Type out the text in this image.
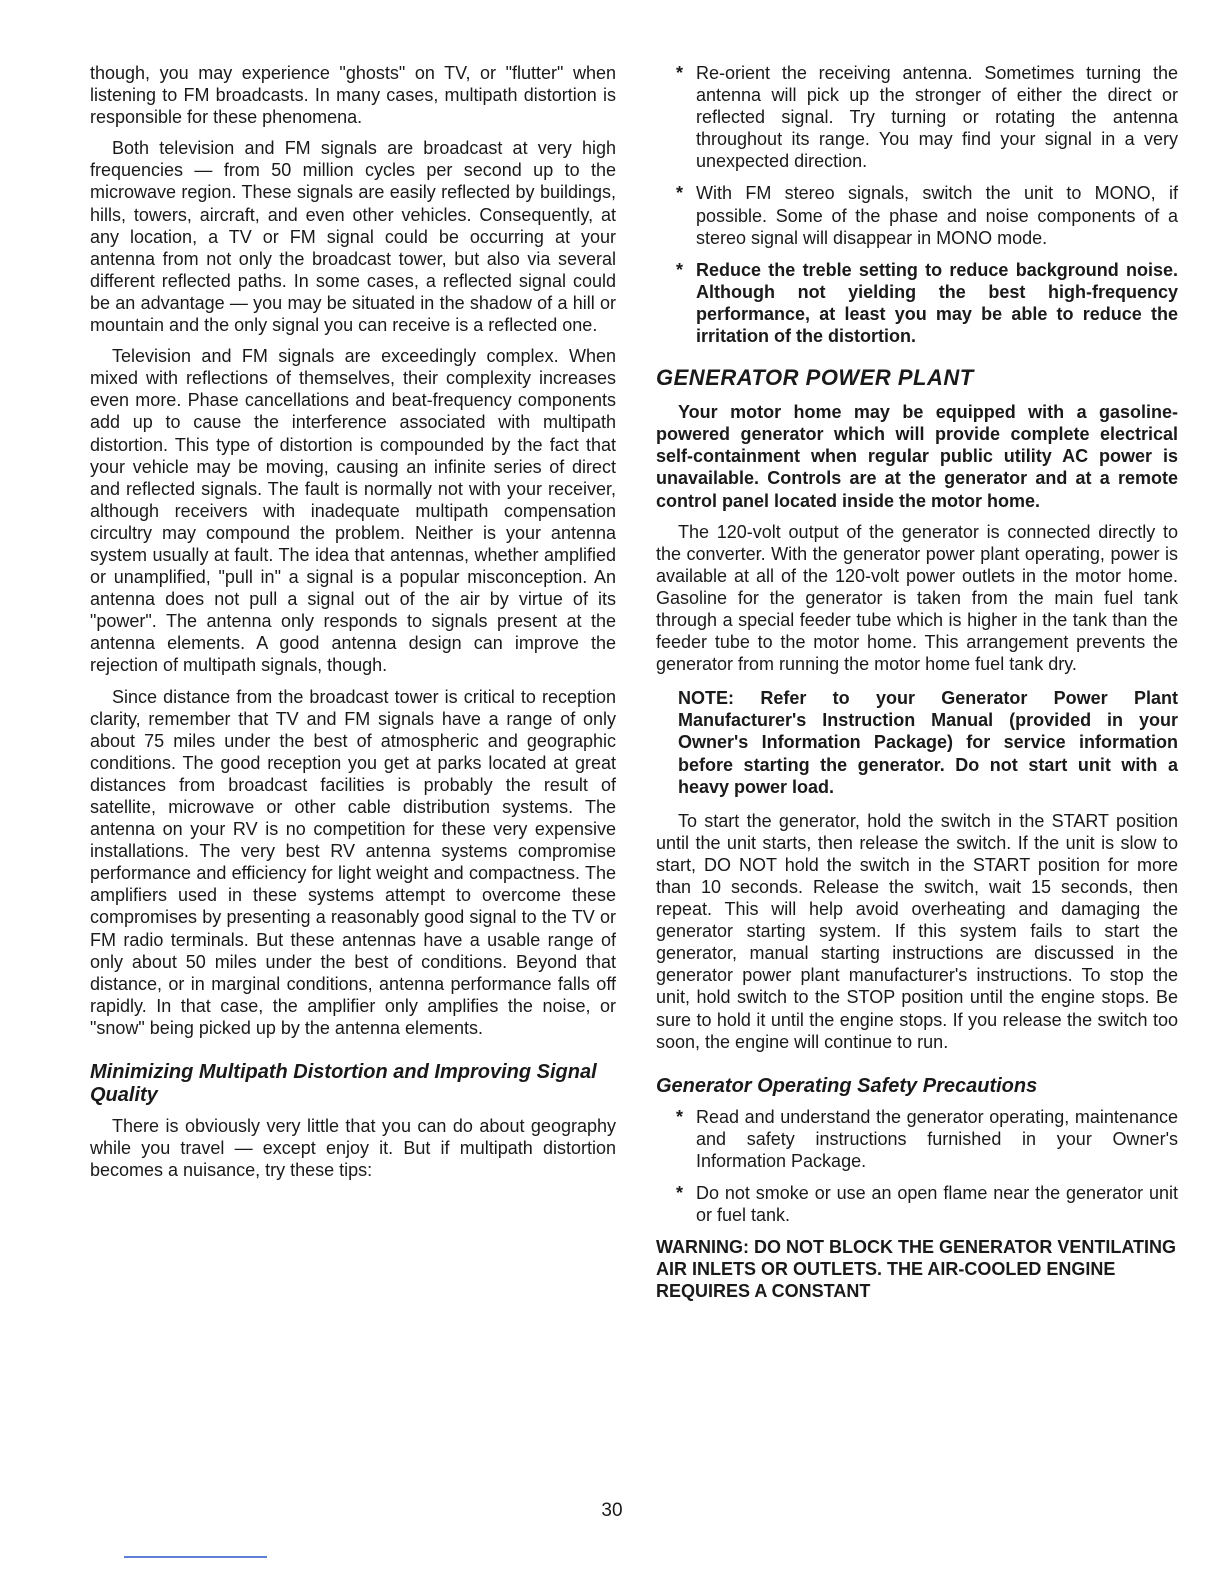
though, you may experience "ghosts" on TV, or "flutter" when listening to FM broadcasts. In many cases, multipath distortion is responsible for these phenomena.

Both television and FM signals are broadcast at very high frequencies — from 50 million cycles per second up to the microwave region. These signals are easily reflected by buildings, hills, towers, aircraft, and even other vehicles. Consequently, at any location, a TV or FM signal could be occurring at your antenna from not only the broadcast tower, but also via several different reflected paths. In some cases, a reflected signal could be an advantage — you may be situated in the shadow of a hill or mountain and the only signal you can receive is a reflected one.

Television and FM signals are exceedingly complex. When mixed with reflections of themselves, their complexity increases even more. Phase cancellations and beat-frequency components add up to cause the interference associated with multipath distortion. This type of distortion is compounded by the fact that your vehicle may be moving, causing an infinite series of direct and reflected signals. The fault is normally not with your receiver, although receivers with inadequate multipath compensation circultry may compound the problem. Neither is your antenna system usually at fault. The idea that antennas, whether amplified or unamplified, "pull in" a signal is a popular misconception. An antenna does not pull a signal out of the air by virtue of its "power". The antenna only responds to signals present at the antenna elements. A good antenna design can improve the rejection of multipath signals, though.

Since distance from the broadcast tower is critical to reception clarity, remember that TV and FM signals have a range of only about 75 miles under the best of atmospheric and geographic conditions. The good reception you get at parks located at great distances from broadcast facilities is probably the result of satellite, microwave or other cable distribution systems. The antenna on your RV is no competition for these very expensive installations. The very best RV antenna systems compromise performance and efficiency for light weight and compactness. The amplifiers used in these systems attempt to overcome these compromises by presenting a reasonably good signal to the TV or FM radio terminals. But these antennas have a usable range of only about 50 miles under the best of conditions. Beyond that distance, or in marginal conditions, antenna performance falls off rapidly. In that case, the amplifier only amplifies the noise, or "snow" being picked up by the antenna elements.

Minimizing Multipath Distortion and Improving Signal Quality

There is obviously very little that you can do about geography while you travel — except enjoy it. But if multipath distortion becomes a nuisance, try these tips:

* Re-orient the receiving antenna. Sometimes turning the antenna will pick up the stronger of either the direct or reflected signal. Try turning or rotating the antenna throughout its range. You may find your signal in a very unexpected direction.
* With FM stereo signals, switch the unit to MONO, if possible. Some of the phase and noise components of a stereo signal will disappear in MONO mode.
* Reduce the treble setting to reduce background noise. Although not yielding the best high-frequency performance, at least you may be able to reduce the irritation of the distortion.
GENERATOR POWER PLANT

Your motor home may be equipped with a gasoline-powered generator which will provide complete electrical self-containment when regular public utility AC power is unavailable. Controls are at the generator and at a remote control panel located inside the motor home.

The 120-volt output of the generator is connected directly to the converter. With the generator power plant operating, power is available at all of the 120-volt power outlets in the motor home. Gasoline for the generator is taken from the main fuel tank through a special feeder tube which is higher in the tank than the feeder tube to the motor home. This arrangement prevents the generator from running the motor home fuel tank dry.

NOTE: Refer to your Generator Power Plant Manufacturer's Instruction Manual (provided in your Owner's Information Package) for service information before starting the generator. Do not start unit with a heavy power load.

To start the generator, hold the switch in the START position until the unit starts, then release the switch. If the unit is slow to start, DO NOT hold the switch in the START position for more than 10 seconds. Release the switch, wait 15 seconds, then repeat. This will help avoid overheating and damaging the generator starting system. If this system fails to start the generator, manual starting instructions are discussed in the generator power plant manufacturer's instructions. To stop the unit, hold switch to the STOP position until the engine stops. Be sure to hold it until the engine stops. If you release the switch too soon, the engine will continue to run.

Generator Operating Safety Precautions
* Read and understand the generator operating, maintenance and safety instructions furnished in your Owner's Information Package.
* Do not smoke or use an open flame near the generator unit or fuel tank.

WARNING: DO NOT BLOCK THE GENERATOR VENTILATING AIR INLETS OR OUTLETS. THE AIR-COOLED ENGINE REQUIRES A CONSTANT

30
